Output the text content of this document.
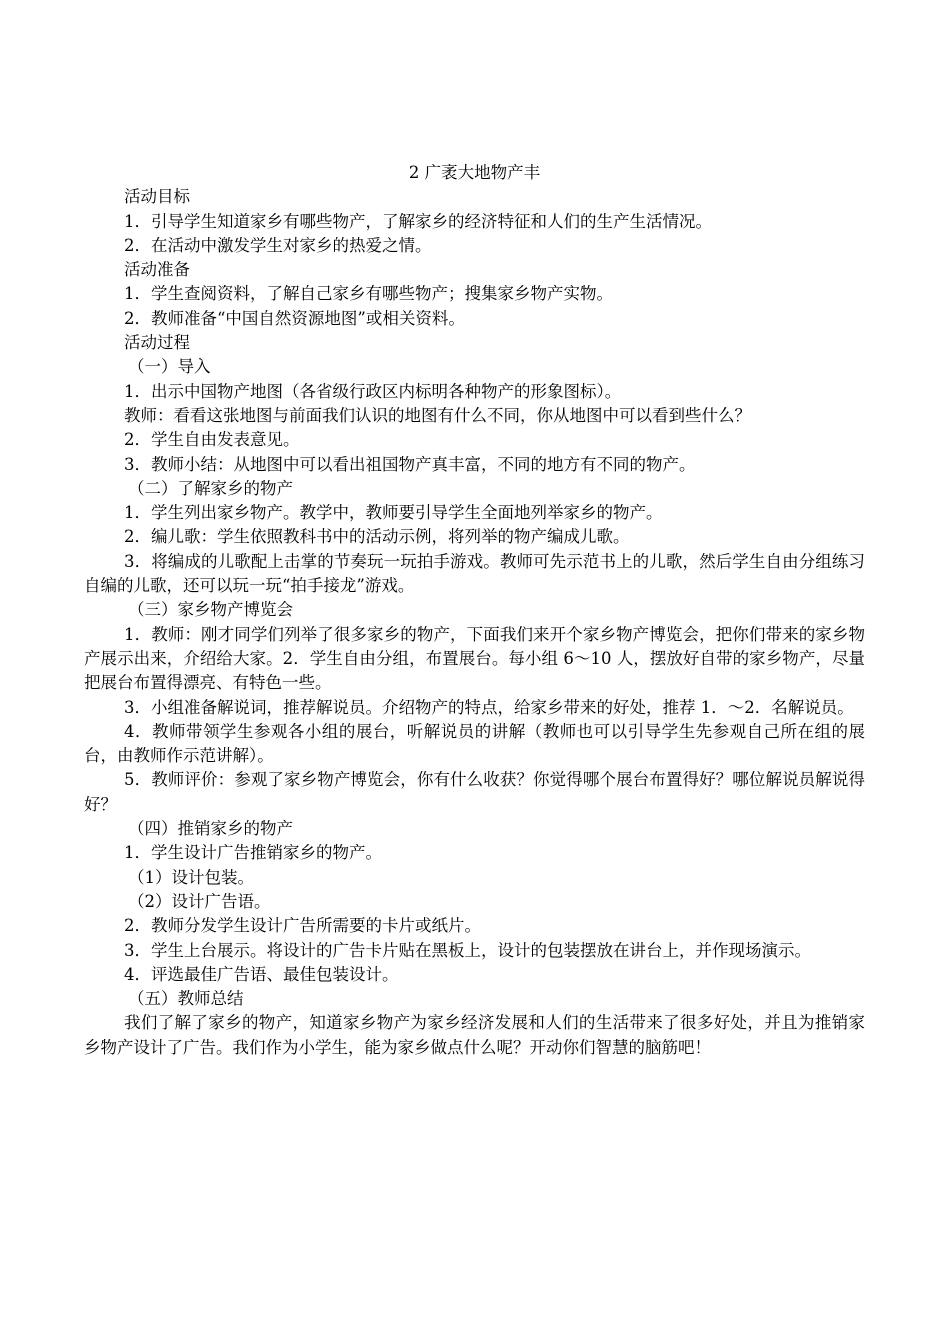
2 广袤大地物产丰

活动目标

1．引导学生知道家乡有哪些物产，了解家乡的经济特征和人们的生产生活情况。

2．在活动中激发学生对家乡的热爱之情。

活动准备

1．学生查阅资料，了解自己家乡有哪些物产；搜集家乡物产实物。

2．教师准备“中国自然资源地图”或相关资料。

活动过程

（一）导入

1．出示中国物产地图（各省级行政区内标明各种物产的形象图标）。

教师：看看这张地图与前面我们认识的地图有什么不同，你从地图中可以看到些什么？

2．学生自由发表意见。

3．教师小结：从地图中可以看出祖国物产真丰富，不同的地方有不同的物产。

（二）了解家乡的物产

1．学生列出家乡物产。教学中，教师要引导学生全面地列举家乡的物产。

2．编儿歌：学生依照教科书中的活动示例，将列举的物产编成儿歌。

3．将编成的儿歌配上击掌的节奏玩一玩拍手游戏。教师可先示范书上的儿歌，然后学生自由分组练习自编的儿歌，还可以玩一玩“拍手接龙”游戏。

（三）家乡物产博览会

1．教师：刚才同学们列举了很多家乡的物产，下面我们来开个家乡物产博览会，把你们带来的家乡物产展示出来，介绍给大家。2．学生自由分组，布置展台。每小组 6～10 人，摆放好自带的家乡物产，尽量把展台布置得漂亮、有特色一些。

3．小组准备解说词，推荐解说员。介绍物产的特点，给家乡带来的好处，推荐 1．～2．名解说员。

4．教师带领学生参观各小组的展台，听解说员的讲解（教师也可以引导学生先参观自己所在组的展台，由教师作示范讲解）。

5．教师评价：参观了家乡物产博览会，你有什么收获？你觉得哪个展台布置得好？哪位解说员解说得好？

（四）推销家乡的物产

1．学生设计广告推销家乡的物产。

（1）设计包装。

（2）设计广告语。

2．教师分发学生设计广告所需要的卡片或纸片。

3．学生上台展示。将设计的广告卡片贴在黑板上，设计的包装摆放在讲台上，并作现场演示。

4．评选最佳广告语、最佳包装设计。

（五）教师总结

我们了解了家乡的物产，知道家乡物产为家乡经济发展和人们的生活带来了很多好处，并且为推销家乡物产设计了广告。我们作为小学生，能为家乡做点什么呢？开动你们智慧的脑筋吧！
